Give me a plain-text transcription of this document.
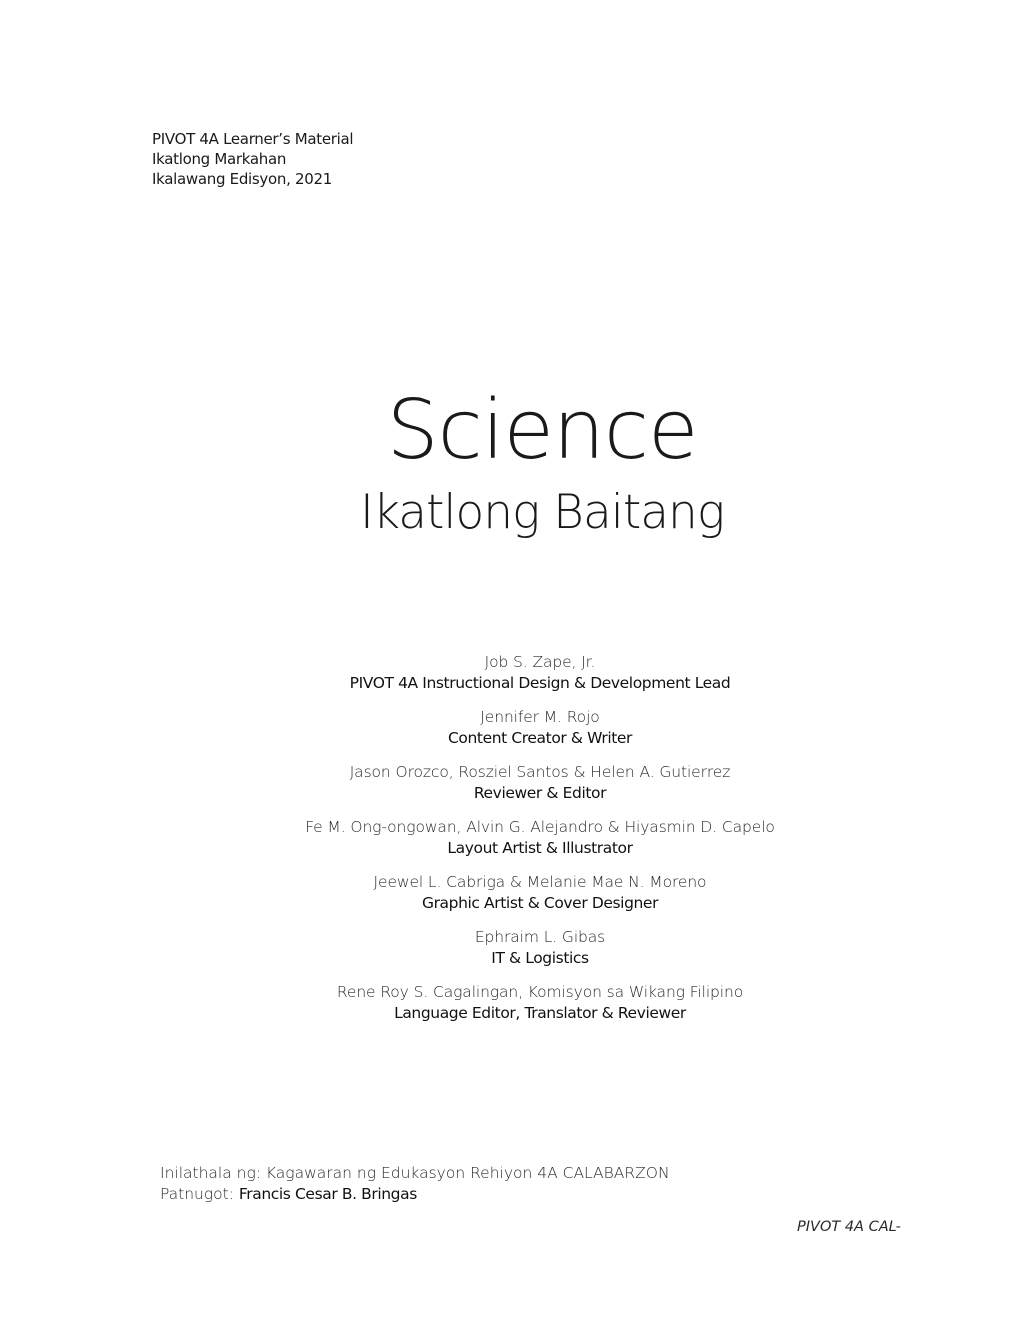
PIVOT 4A Learner’s Material
Ikatlong Markahan
Ikalawang Edisyon, 2021
Science
Ikatlong Baitang
Job S. Zape, Jr.
PIVOT 4A Instructional Design & Development Lead
Jennifer M. Rojo
Content Creator & Writer
Jason Orozco, Rosziel Santos & Helen A. Gutierrez
Reviewer & Editor
Fe M. Ong-ongowan, Alvin G. Alejandro & Hiyasmin D. Capelo
Layout Artist & Illustrator
Jeewel L. Cabriga & Melanie Mae N. Moreno
Graphic Artist & Cover Designer
Ephraim L. Gibas
IT & Logistics
Rene Roy S. Cagalingan, Komisyon sa Wikang Filipino
Language Editor, Translator & Reviewer
Inilathala ng: Kagawaran ng Edukasyon Rehiyon 4A CALABARZON
Patnugot: Francis Cesar B. Bringas
PIVOT 4A CAL-
